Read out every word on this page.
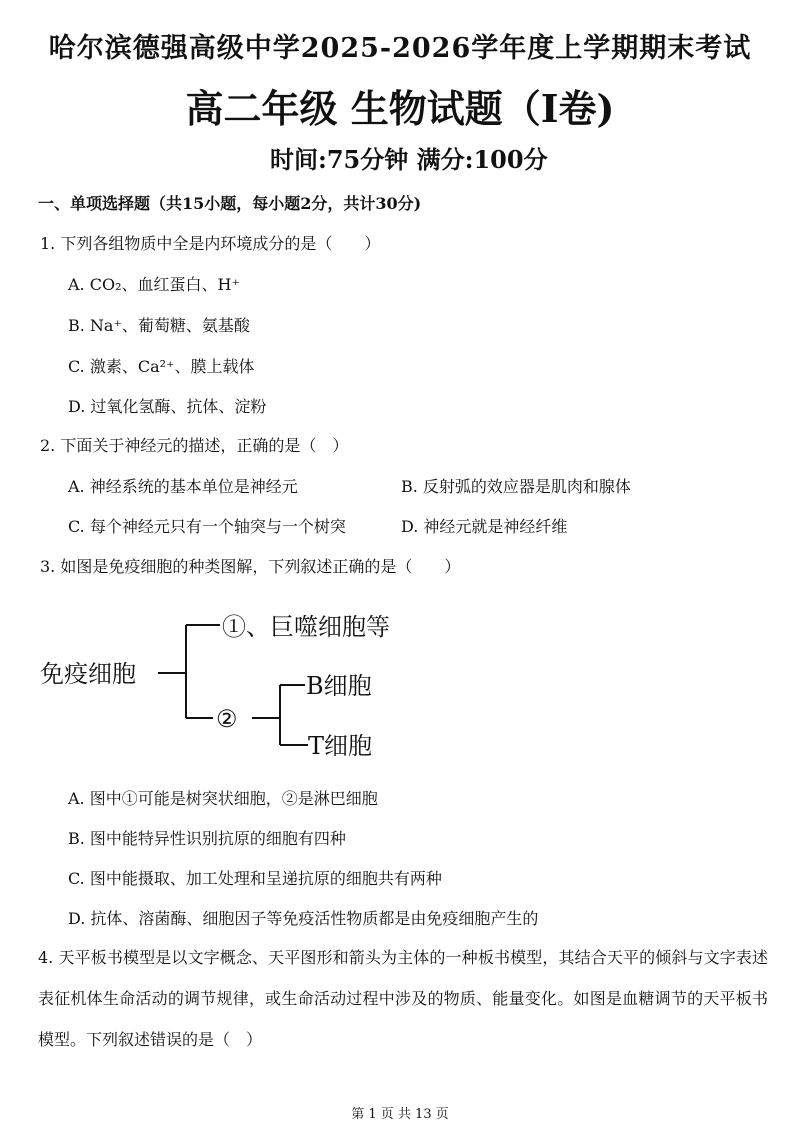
哈尔滨德强高级中学2025-2026学年度上学期期末考试
高二年级 生物试题（Ⅰ卷)
时间:75分钟 满分:100分
一、单项选择题（共15小题，每小题2分，共计30分)
1. 下列各组物质中全是内环境成分的是（　　）
A. CO₂、血红蛋白、H⁺
B. Na⁺、葡萄糖、氨基酸
C. 激素、Ca²⁺、膜上载体
D. 过氧化氢酶、抗体、淀粉
2. 下面关于神经元的描述，正确的是（　）
A. 神经系统的基本单位是神经元	B. 反射弧的效应器是肌肉和腺体
C. 每个神经元只有一个轴突与一个树突	D. 神经元就是神经纤维
3. 如图是免疫细胞的种类图解，下列叙述正确的是（　　）
免疫细胞
①、巨噬细胞等
②
B细胞
T细胞
A. 图中①可能是树突状细胞，②是淋巴细胞
B. 图中能特异性识别抗原的细胞有四种
C. 图中能摄取、加工处理和呈递抗原的细胞共有两种
D. 抗体、溶菌酶、细胞因子等免疫活性物质都是由免疫细胞产生的
4. 天平板书模型是以文字概念、天平图形和箭头为主体的一种板书模型，其结合天平的倾斜与文字表述表征机体生命活动的调节规律，或生命活动过程中涉及的物质、能量变化。如图是血糖调节的天平板书模型。下列叙述错误的是（　）
第 1 页 共 13 页
